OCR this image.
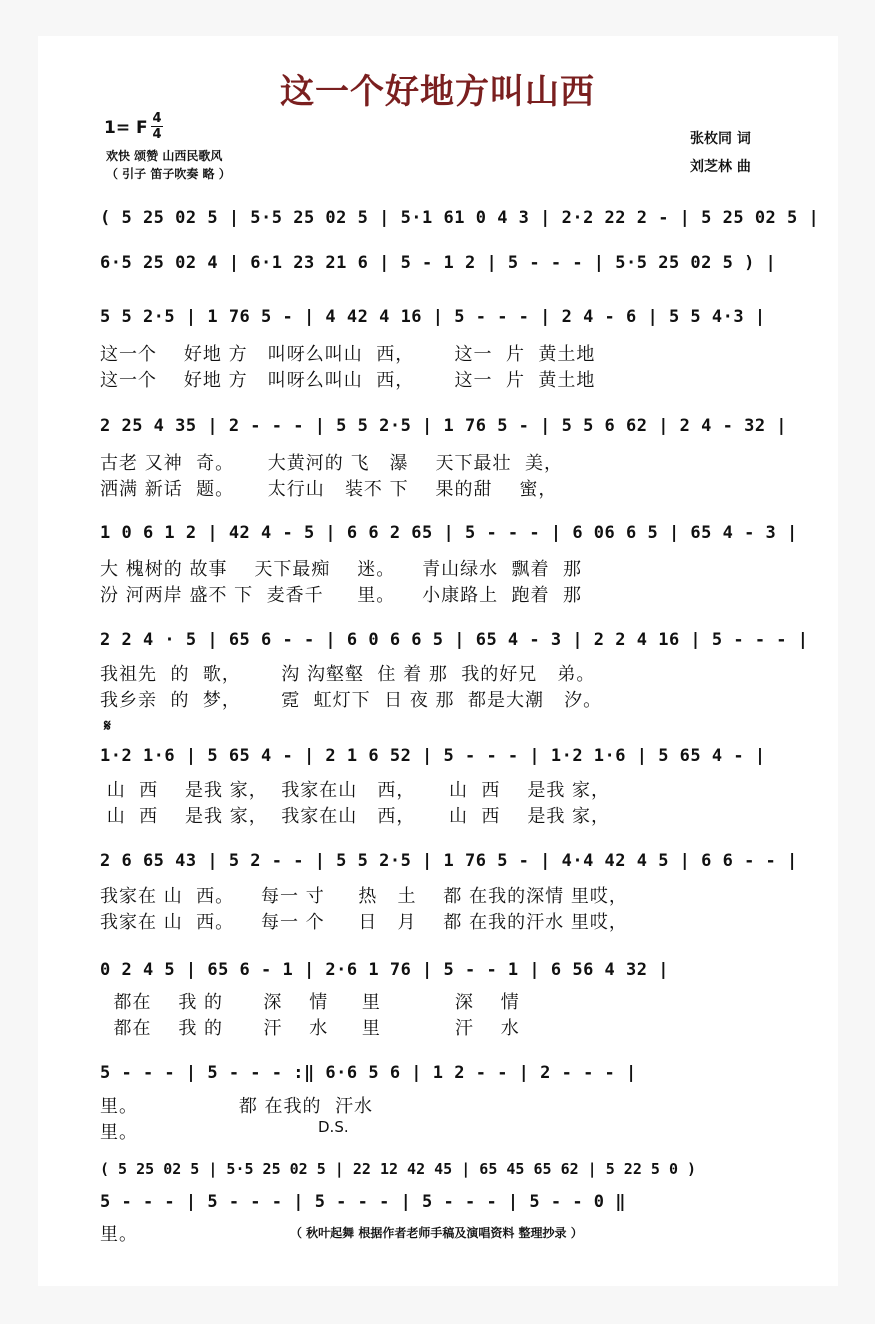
这一个好地方叫山西
1= F 4
4
欢快 颂赞 山西民歌风
（ 引子 笛子吹奏 略 ）
张枚同 词
刘芝林 曲
( 5 25 02 5 | 5·5 25 02 5 | 5·1 61 0 4 3 | 2·2 22 2 - | 5 25 02 5 |
6·5 25 02 4 | 6·1 23 21 6 | 5 - 1 2 | 5 - - - | 5·5 25 02 5 ) |
5 5 2·5 | 1 76 5 - | 4 42 4 16 | 5 - - - | 2 4 - 6 | 5 5 4·3 |
这一个    好地 方   叫呀么叫山  西，      这一  片  黄土地
这一个    好地 方   叫呀么叫山  西，      这一  片  黄土地
2 25 4 35 | 2 - - - | 5 5 2·5 | 1 76 5 - | 5 5 6 62 | 2 4 - 32 |
古老 又神  奇。     大黄河的 飞   瀑    天下最壮  美，
洒满 新话  题。     太行山   装不 下    果的甜    蜜，
1 0 6 1 2 | 42 4 - 5 | 6 6 2 65 | 5 - - - | 6 06 6 5 | 65 4 - 3 |
大 槐树的 故事    天下最痴    迷。    青山绿水  飘着  那
汾 河两岸 盛不 下  麦香千     里。    小康路上  跑着  那
2 2 4 · 5 | 65 6 - - | 6 0 6 6 5 | 65 4 - 3 | 2 2 4 16 | 5 - - - |
我祖先  的  歌，      沟 沟壑壑  住 着 那  我的好兄   弟。
我乡亲  的  梦，      霓  虹灯下  日 夜 那  都是大潮   汐。
𝄋
1·2 1·6 | 5 65 4 - | 2 1 6 52 | 5 - - - | 1·2 1·6 | 5 65 4 - |
山  西    是我 家，  我家在山   西，     山  西    是我 家，
山  西    是我 家，  我家在山   西，     山  西    是我 家，
2 6 65 43 | 5 2 - - | 5 5 2·5 | 1 76 5 - | 4·4 42 4 5 | 6 6 - - |
我家在 山  西。    每一 寸     热   土    都 在我的深情 里哎，
我家在 山  西。    每一 个     日   月    都 在我的汗水 里哎，
0 2 4 5 | 65 6 - 1 | 2·6 1 76 | 5 - - 1 | 6 56 4 32 |
都在    我 的      深    情     里           深    情
都在    我 的      汗    水     里           汗    水
5 - - - | 5 - - - :‖ 6·6 5 6 | 1 2 - - | 2 - - - |
里。               都 在我的  汗水
里。	D.S.
( 5 25 02 5 | 5·5 25 02 5 | 22 12 42 45 | 65 45 65 62 | 5 22 5 0 )
5 - - - | 5 - - - | 5 - - - | 5 - - - | 5 - - 0 ‖
里。	（ 秋叶起舞 根据作者老师手稿及演唱资料 整理抄录 ）
